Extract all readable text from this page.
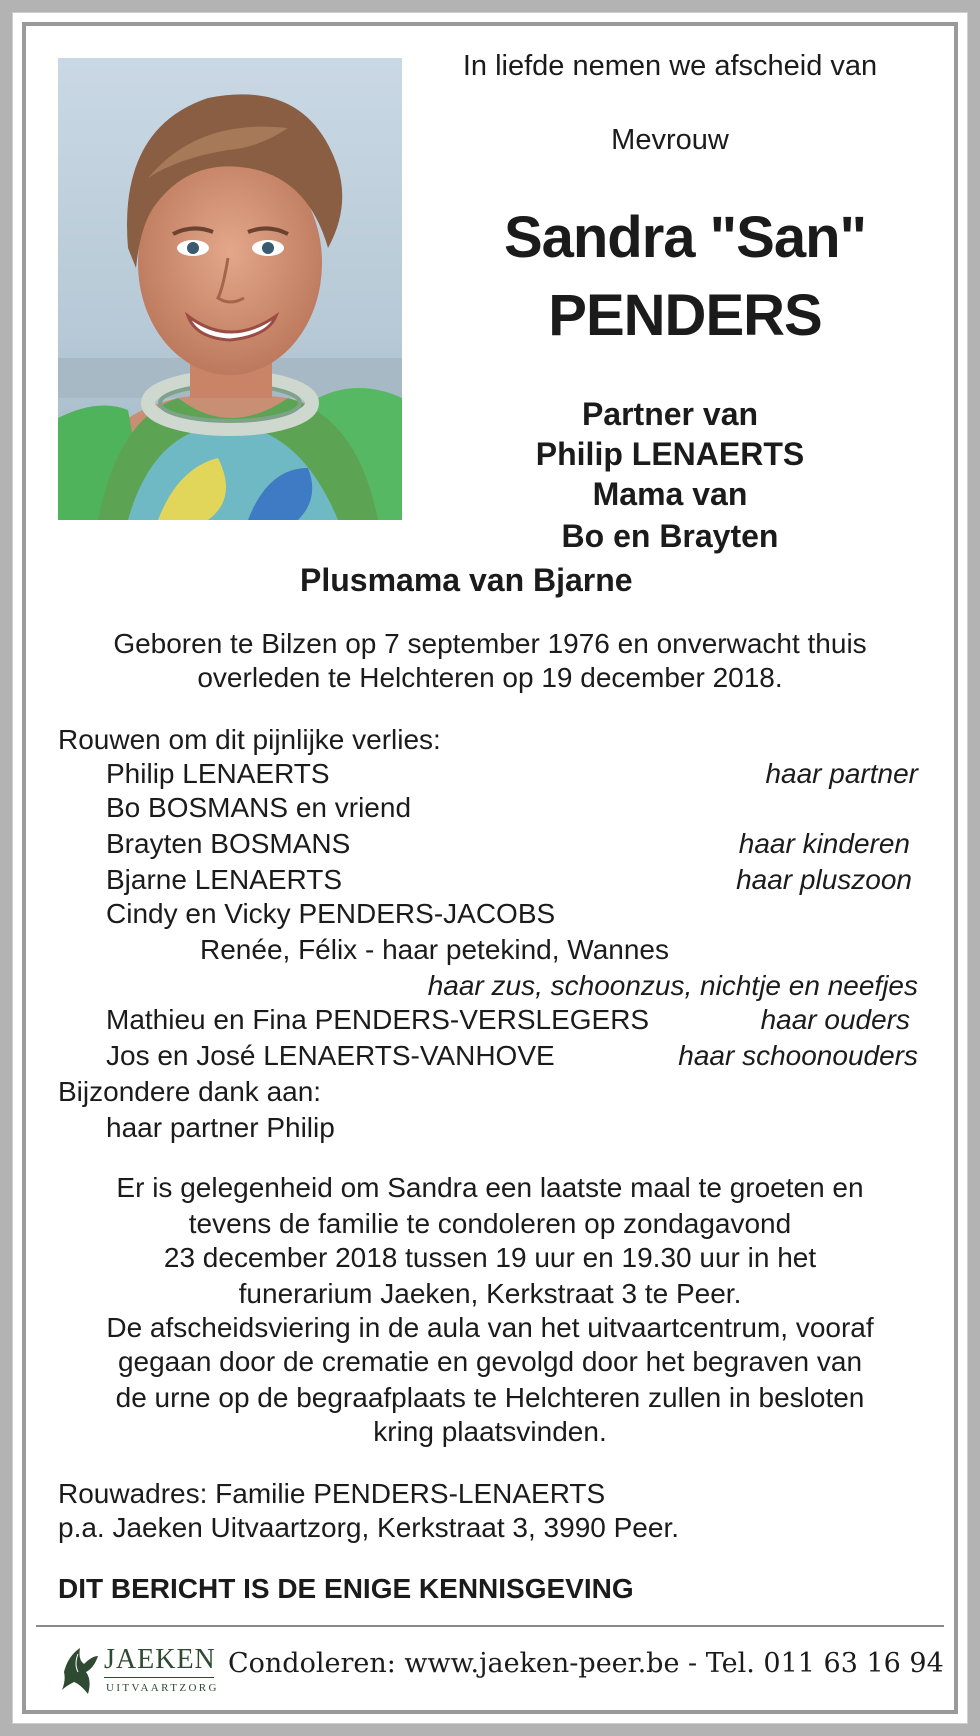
In liefde nemen we afscheid van
Mevrouw
Sandra "San"
PENDERS
Partner van
Philip LENAERTS
Mama van
Bo en Brayten
Plusmama van Bjarne
Geboren te Bilzen op 7 september 1976 en onverwacht thuis
overleden te Helchteren op 19 december 2018.
Rouwen om dit pijnlijke verlies:
Philip LENAERTS	haar partner
Bo BOSMANS en vriend
Brayten BOSMANS	haar kinderen
Bjarne LENAERTS	haar pluszoon
Cindy en Vicky PENDERS-JACOBS
Renée, Félix - haar petekind, Wannes
haar zus, schoonzus, nichtje en neefjes
Mathieu en Fina PENDERS-VERSLEGERS	haar ouders
Jos en José LENAERTS-VANHOVE	haar schoonouders
Bijzondere dank aan:
haar partner Philip
Er is gelegenheid om Sandra een laatste maal te groeten en
tevens de familie te condoleren op zondagavond
23 december 2018 tussen 19 uur en 19.30 uur in het
funerarium Jaeken, Kerkstraat 3 te Peer.
De afscheidsviering in de aula van het uitvaartcentrum, vooraf
gegaan door de crematie en gevolgd door het begraven van
de urne op de begraafplaats te Helchteren zullen in besloten
kring plaatsvinden.
Rouwadres: Familie PENDERS-LENAERTS
p.a. Jaeken Uitvaartzorg, Kerkstraat 3, 3990 Peer.
DIT BERICHT IS DE ENIGE KENNISGEVING
JAEKEN
UITVAARTZORG
Condoleren: www.jaeken-peer.be - Tel. 011 63 16 94
